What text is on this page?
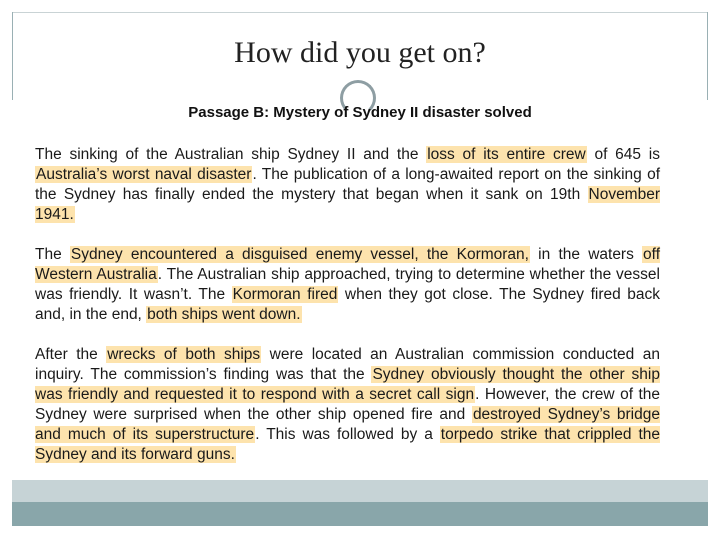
How did you get on?
Passage B: Mystery of Sydney II disaster solved

The sinking of the Australian ship Sydney II and the loss of its entire crew of 645 is Australia’s worst naval disaster. The publication of a long-awaited report on the sinking of the Sydney has finally ended the mystery that began when it sank on 19th November 1941.

The Sydney encountered a disguised enemy vessel, the Kormoran, in the waters off Western Australia. The Australian ship approached, trying to determine whether the vessel was friendly. It wasn’t. The Kormoran fired when they got close. The Sydney fired back and, in the end, both ships went down.

After the wrecks of both ships were located an Australian commission conducted an inquiry. The commission’s finding was that the Sydney obviously thought the other ship was friendly and requested it to respond with a secret call sign. However, the crew of the Sydney were surprised when the other ship opened fire and destroyed Sydney’s bridge and much of its superstructure. This was followed by a torpedo strike that crippled the Sydney and its forward guns.
